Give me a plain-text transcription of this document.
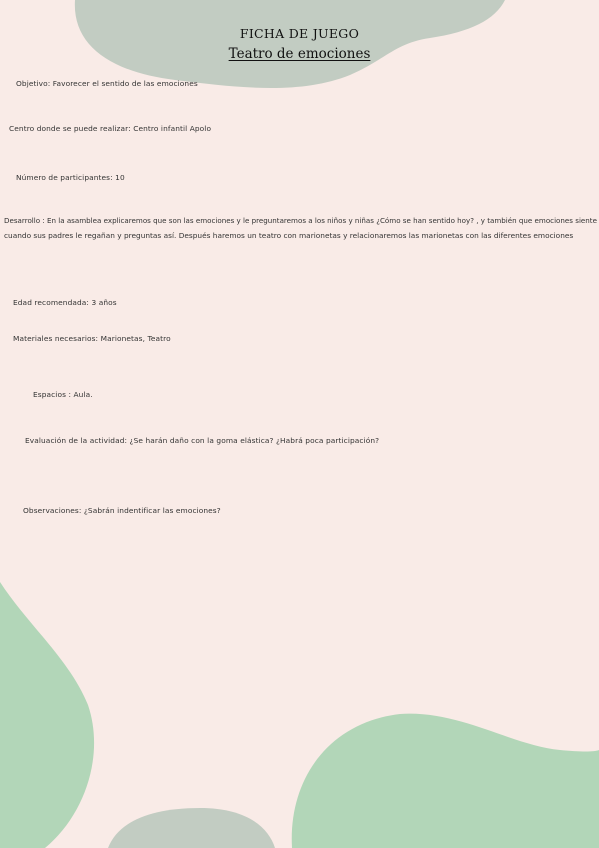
FICHA DE JUEGO
Teatro de emociones
Objetivo: Favorecer el sentido de las emociones
Centro donde se puede realizar: Centro infantil Apolo
Número de participantes: 10
Desarrollo : En la asamblea explicaremos que son las emociones y le preguntaremos a los niños y niñas ¿Cómo se han sentido hoy? , y también que emociones siente
cuando sus padres le regañan y preguntas así. Después haremos un teatro con marionetas y relacionaremos las marionetas con las diferentes emociones
Edad recomendada: 3 años
Materiales necesarios: Marionetas, Teatro
Espacios : Aula.
Evaluación de la actividad: ¿Se harán daño con la goma elástica? ¿Habrá poca participación?
Observaciones: ¿Sabrán indentificar las emociones?
